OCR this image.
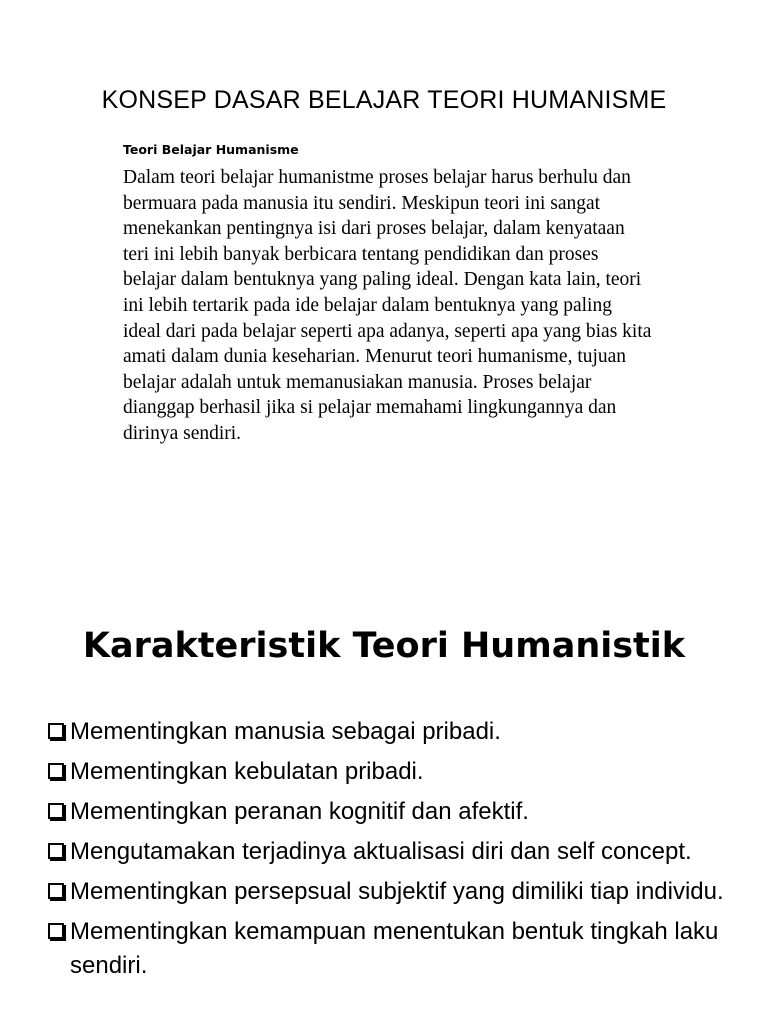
KONSEP DASAR BELAJAR TEORI HUMANISME
Teori Belajar Humanisme

Dalam teori belajar humanistme proses belajar harus berhulu dan bermuara pada manusia itu sendiri. Meskipun teori ini sangat menekankan pentingnya isi dari proses belajar, dalam kenyataan teri ini lebih banyak berbicara tentang pendidikan dan proses belajar dalam bentuknya yang paling ideal. Dengan kata lain, teori ini lebih tertarik pada ide belajar dalam bentuknya yang paling ideal dari pada belajar seperti apa adanya, seperti apa yang bias kita amati dalam dunia keseharian. Menurut teori humanisme, tujuan belajar adalah untuk memanusiakan manusia. Proses belajar dianggap berhasil jika si pelajar memahami lingkungannya dan dirinya sendiri.

Karakteristik Teori Humanistik
Mementingkan manusia sebagai pribadi.
Mementingkan kebulatan pribadi.
Mementingkan peranan kognitif dan afektif.
Mengutamakan terjadinya aktualisasi diri dan self concept.
Mementingkan persepsual subjektif yang dimiliki tiap individu.
Mementingkan kemampuan menentukan bentuk tingkah laku sendiri.
